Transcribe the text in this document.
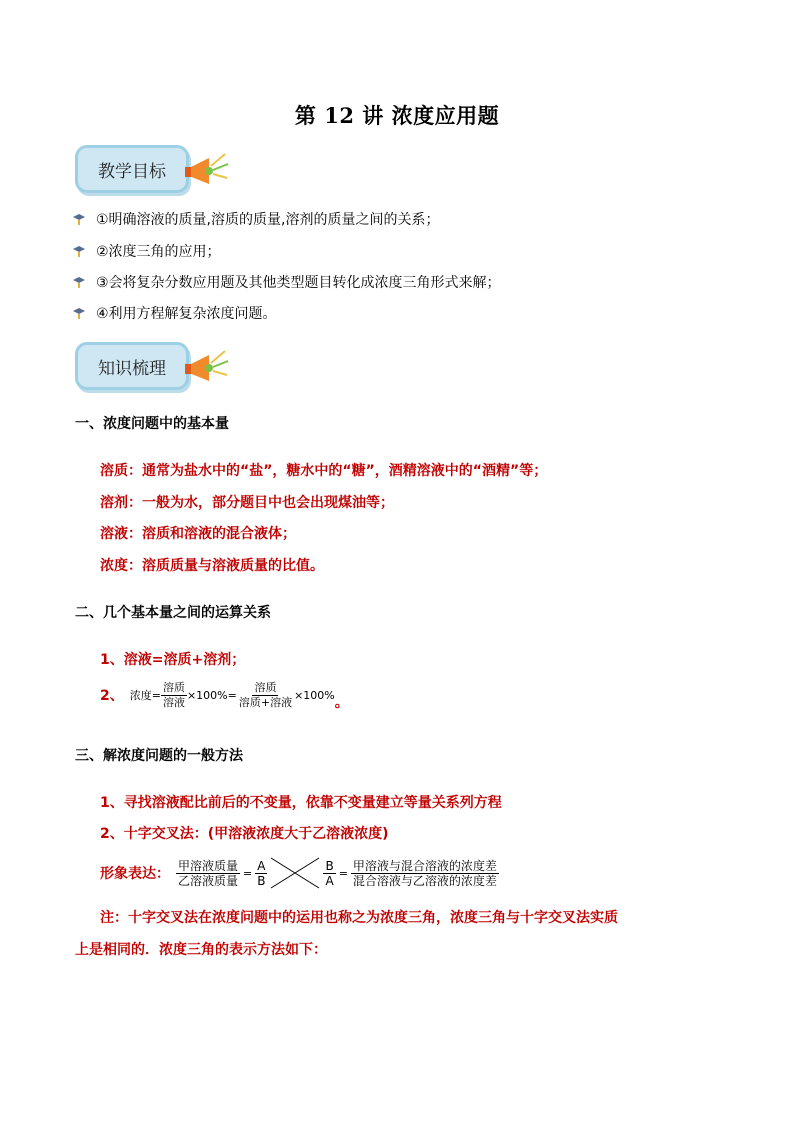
第 12 讲 浓度应用题
教学目标
①明确溶液的质量,溶质的质量,溶剂的质量之间的关系；
②浓度三角的应用；
③会将复杂分数应用题及其他类型题目转化成浓度三角形式来解；
④利用方程解复杂浓度问题。
知识梳理
一、浓度问题中的基本量
溶质：通常为盐水中的“盐”，糖水中的“糖”，酒精溶液中的“酒精”等；
溶剂：一般为水，部分题目中也会出现煤油等；
溶液：溶质和溶液的混合液体；
浓度：溶质质量与溶液质量的比值。
二、几个基本量之间的运算关系
1、溶液=溶质+溶剂；
2、 浓度= $\frac{\text{溶质}}{\text{溶液}} \times 100\%= \frac{\text{溶质}}{\text{溶质+溶液}} \times 100\%$ 。
三、解浓度问题的一般方法
1、寻找溶液配比前后的不变量，依靠不变量建立等量关系列方程
2、十字交叉法：(甲溶液浓度大于乙溶液浓度)
形象表达： $\frac{\text{甲溶液质量}}{\text{乙溶液质量}} = \frac{A}{B}$	$\frac{B}{A} = \frac{\text{甲溶液与混合溶液的浓度差}}{\text{混合溶液与乙溶液的浓度差}}$
注：十字交叉法在浓度问题中的运用也称之为浓度三角，浓度三角与十字交叉法实质
上是相同的．浓度三角的表示方法如下：
